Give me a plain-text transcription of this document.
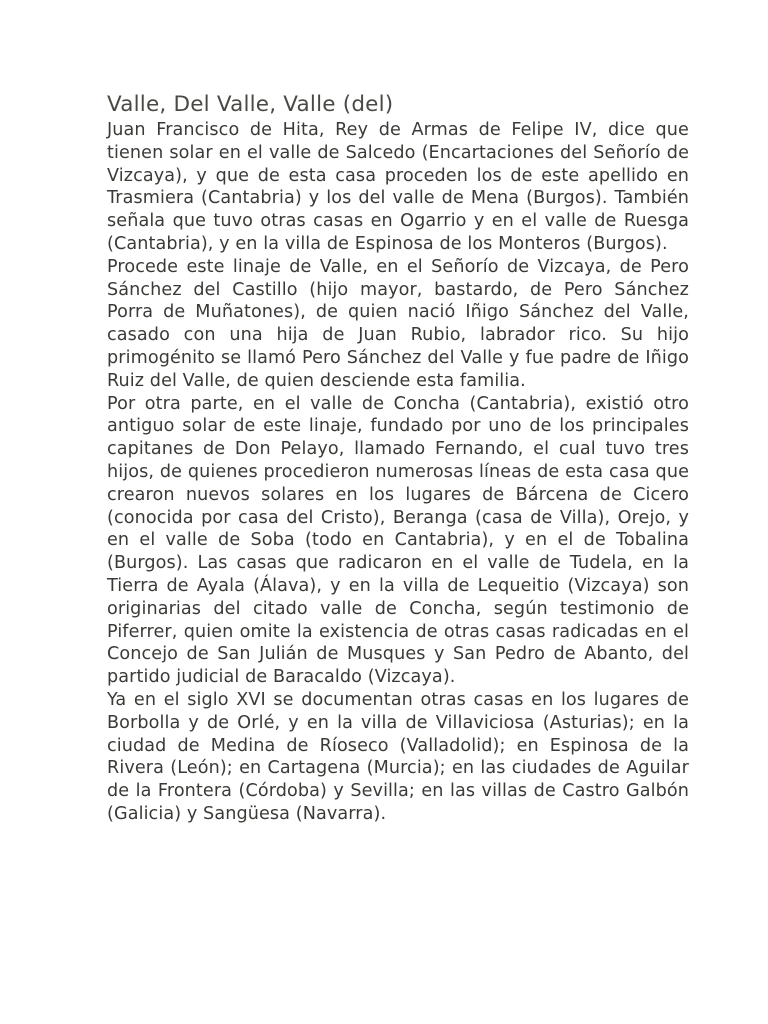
Valle, Del Valle, Valle (del)

Juan Francisco de Hita, Rey de Armas de Felipe IV, dice que tienen solar en el valle de Salcedo (Encartaciones del Señorío de Vizcaya), y que de esta casa proceden los de este apellido en Trasmiera (Cantabria) y los del valle de Mena (Burgos). También señala que tuvo otras casas en Ogarrio y en el valle de Ruesga (Cantabria), y en la villa de Espinosa de los Monteros (Burgos).

Procede este linaje de Valle, en el Señorío de Vizcaya, de Pero Sánchez del Castillo (hijo mayor, bastardo, de Pero Sánchez Porra de Muñatones), de quien nació Iñigo Sánchez del Valle, casado con una hija de Juan Rubio, labrador rico. Su hijo primogénito se llamó Pero Sánchez del Valle y fue padre de Iñigo Ruiz del Valle, de quien desciende esta familia.

Por otra parte, en el valle de Concha (Cantabria), existió otro antiguo solar de este linaje, fundado por uno de los principales capitanes de Don Pelayo, llamado Fernando, el cual tuvo tres hijos, de quienes procedieron numerosas líneas de esta casa que crearon nuevos solares en los lugares de Bárcena de Cicero (conocida por casa del Cristo), Beranga (casa de Villa), Orejo, y en el valle de Soba (todo en Cantabria), y en el de Tobalina (Burgos). Las casas que radicaron en el valle de Tudela, en la Tierra de Ayala (Álava), y en la villa de Lequeitio (Vizcaya) son originarias del citado valle de Concha, según testimonio de Piferrer, quien omite la existencia de otras casas radicadas en el Concejo de San Julián de Musques y San Pedro de Abanto, del partido judicial de Baracaldo (Vizcaya).

Ya en el siglo XVI se documentan otras casas en los lugares de Borbolla y de Orlé, y en la villa de Villaviciosa (Asturias); en la ciudad de Medina de Ríoseco (Valladolid); en Espinosa de la Rivera (León); en Cartagena (Murcia); en las ciudades de Aguilar de la Frontera (Córdoba) y Sevilla; en las villas de Castro Galbón (Galicia) y Sangüesa (Navarra).
